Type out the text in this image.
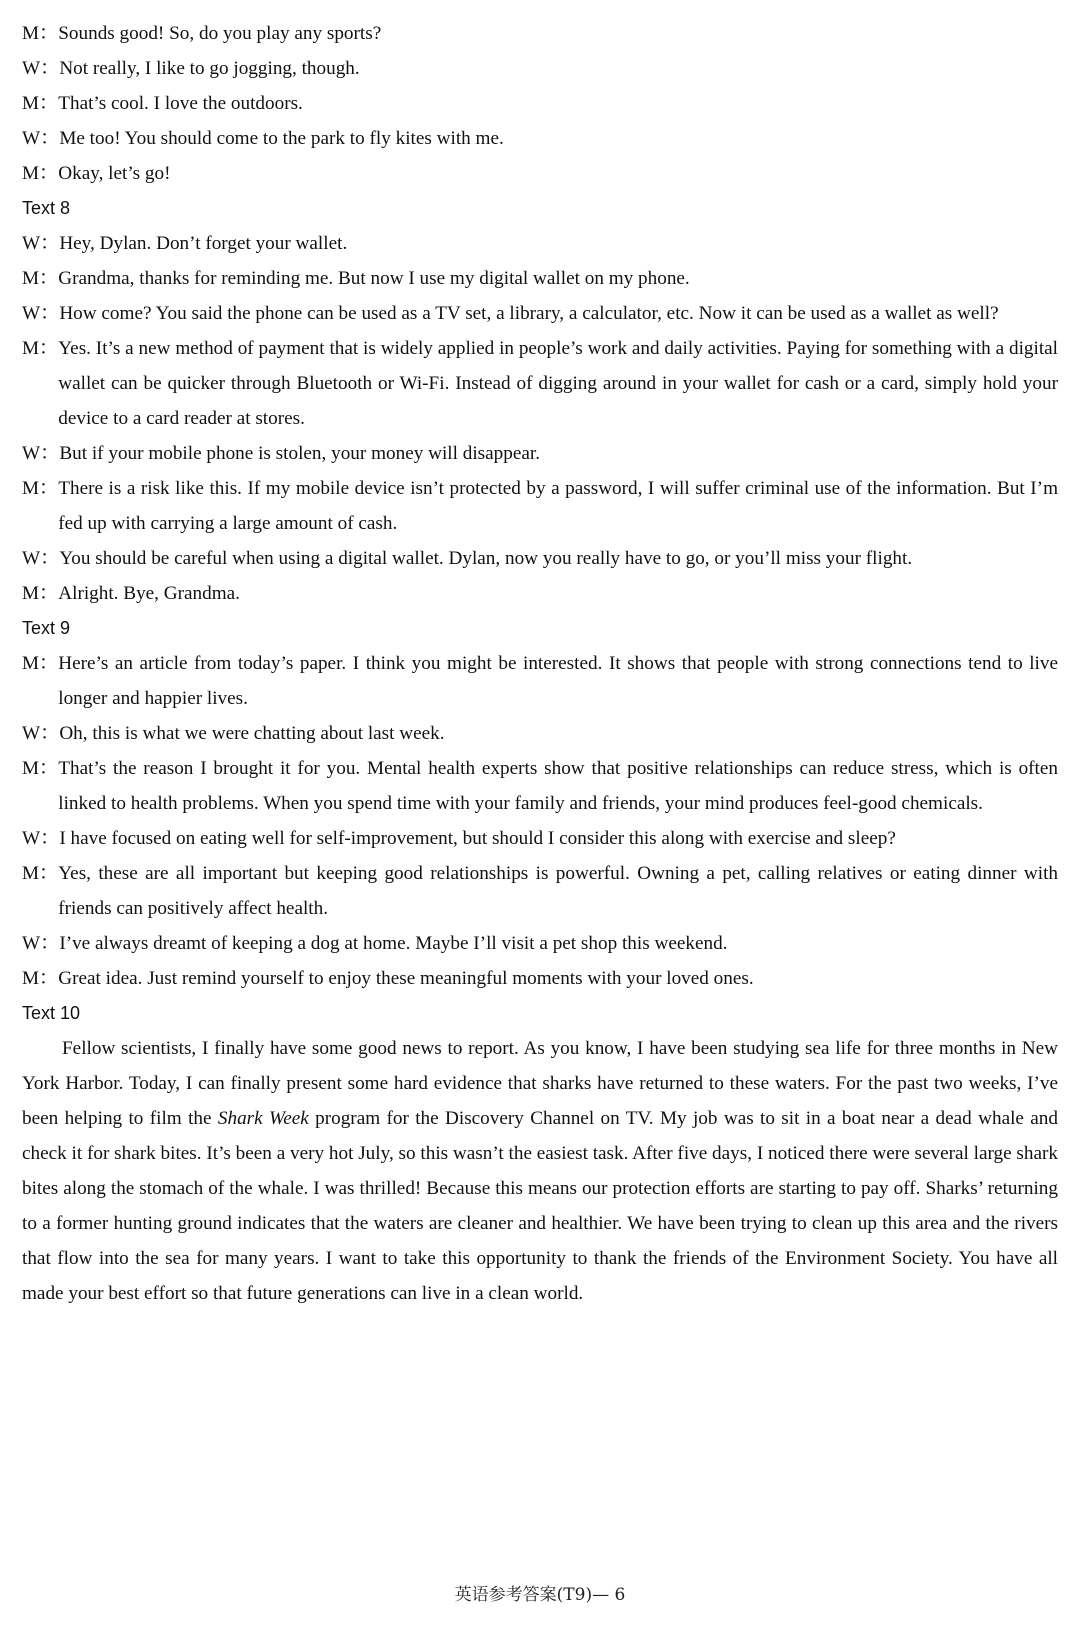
M： Sounds good! So, do you play any sports?
W： Not really, I like to go jogging, though.
M： That’s cool. I love the outdoors.
W： Me too! You should come to the park to fly kites with me.
M： Okay, let’s go!
Text 8
W： Hey, Dylan. Don’t forget your wallet.
M： Grandma, thanks for reminding me. But now I use my digital wallet on my phone.
W： How come? You said the phone can be used as a TV set, a library, a calculator, etc. Now it can be used as a wallet as well?
M： Yes. It’s a new method of payment that is widely applied in people’s work and daily activities. Paying for something with a digital wallet can be quicker through Bluetooth or Wi-Fi. Instead of digging around in your wallet for cash or a card, simply hold your device to a card reader at stores.
W： But if your mobile phone is stolen, your money will disappear.
M： There is a risk like this. If my mobile device isn’t protected by a password, I will suffer criminal use of the information. But I’m fed up with carrying a large amount of cash.
W： You should be careful when using a digital wallet. Dylan, now you really have to go, or you’ll miss your flight.
M： Alright. Bye, Grandma.
Text 9
M： Here’s an article from today’s paper. I think you might be interested. It shows that people with strong connections tend to live longer and happier lives.
W： Oh, this is what we were chatting about last week.
M： That’s the reason I brought it for you. Mental health experts show that positive relationships can reduce stress, which is often linked to health problems. When you spend time with your family and friends, your mind produces feel-good chemicals.
W： I have focused on eating well for self-improvement, but should I consider this along with exercise and sleep?
M： Yes, these are all important but keeping good relationships is powerful. Owning a pet, calling relatives or eating dinner with friends can positively affect health.
W： I’ve always dreamt of keeping a dog at home. Maybe I’ll visit a pet shop this weekend.
M： Great idea. Just remind yourself to enjoy these meaningful moments with your loved ones.
Text 10

Fellow scientists, I finally have some good news to report. As you know, I have been studying sea life for three months in New York Harbor. Today, I can finally present some hard evidence that sharks have returned to these waters. For the past two weeks, I’ve been helping to film the Shark Week program for the Discovery Channel on TV. My job was to sit in a boat near a dead whale and check it for shark bites. It’s been a very hot July, so this wasn’t the easiest task. After five days, I noticed there were several large shark bites along the stomach of the whale. I was thrilled! Because this means our protection efforts are starting to pay off. Sharks’ returning to a former hunting ground indicates that the waters are cleaner and healthier. We have been trying to clean up this area and the rivers that flow into the sea for many years. I want to take this opportunity to thank the friends of the Environment Society. You have all made your best effort so that future generations can live in a clean world.

英语参考答案(T9)— 6
